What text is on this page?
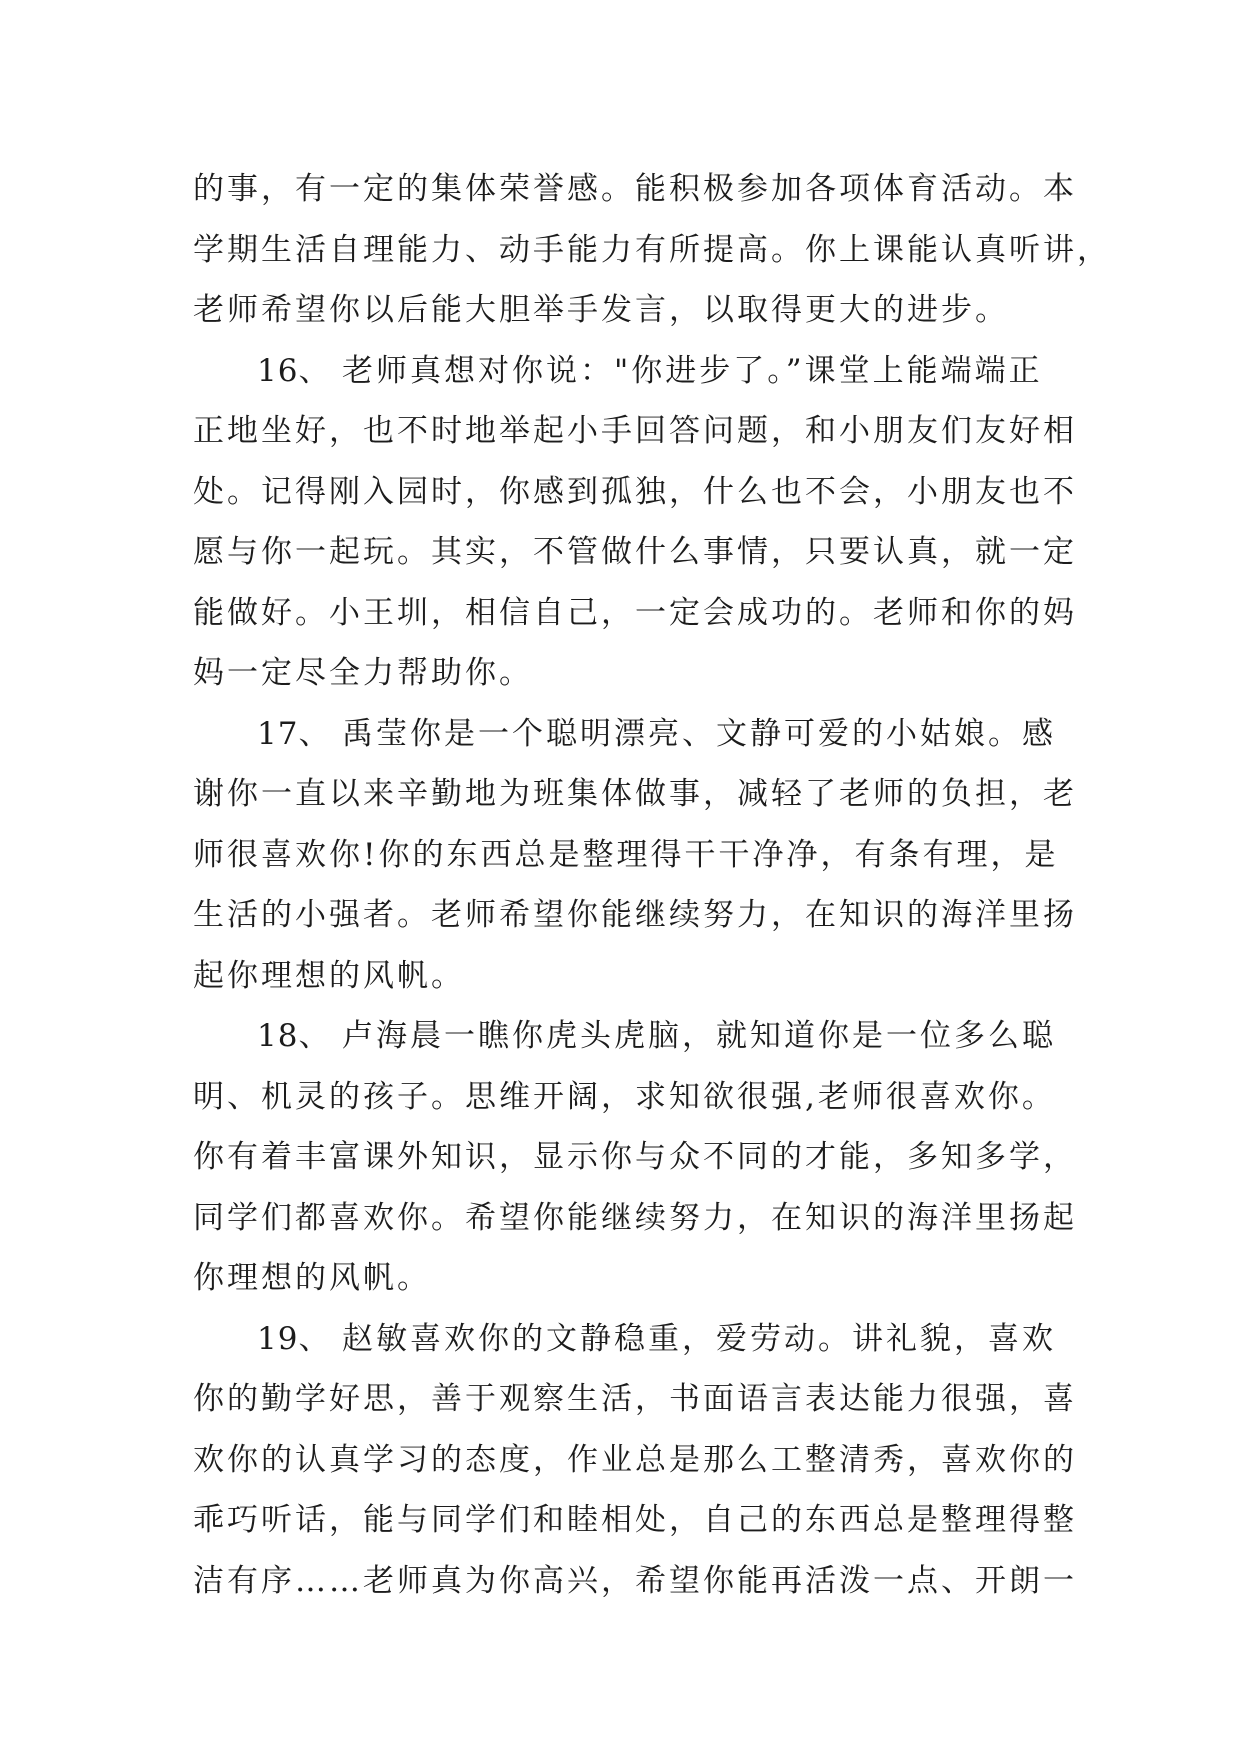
的事，有一定的集体荣誉感。能积极参加各项体育活动。本
学期生活自理能力、动手能力有所提高。你上课能认真听讲，
老师希望你以后能大胆举手发言，以取得更大的进步。
16、 老师真想对你说："你进步了。”课堂上能端端正
正地坐好，也不时地举起小手回答问题，和小朋友们友好相
处。记得刚入园时，你感到孤独，什么也不会，小朋友也不
愿与你一起玩。其实，不管做什么事情，只要认真，就一定
能做好。小王圳，相信自己，一定会成功的。老师和你的妈
妈一定尽全力帮助你。
17、 禹莹你是一个聪明漂亮、文静可爱的小姑娘。感
谢你一直以来辛勤地为班集体做事，减轻了老师的负担，老
师很喜欢你!你的东西总是整理得干干净净，有条有理，是
生活的小强者。老师希望你能继续努力，在知识的海洋里扬
起你理想的风帆。
18、 卢海晨一瞧你虎头虎脑，就知道你是一位多么聪
明、机灵的孩子。思维开阔，求知欲很强,老师很喜欢你。
你有着丰富课外知识，显示你与众不同的才能，多知多学，
同学们都喜欢你。希望你能继续努力，在知识的海洋里扬起
你理想的风帆。
19、 赵敏喜欢你的文静稳重，爱劳动。讲礼貌，喜欢
你的勤学好思，善于观察生活，书面语言表达能力很强，喜
欢你的认真学习的态度，作业总是那么工整清秀，喜欢你的
乖巧听话，能与同学们和睦相处，自己的东西总是整理得整
洁有序……老师真为你高兴，希望你能再活泼一点、开朗一
